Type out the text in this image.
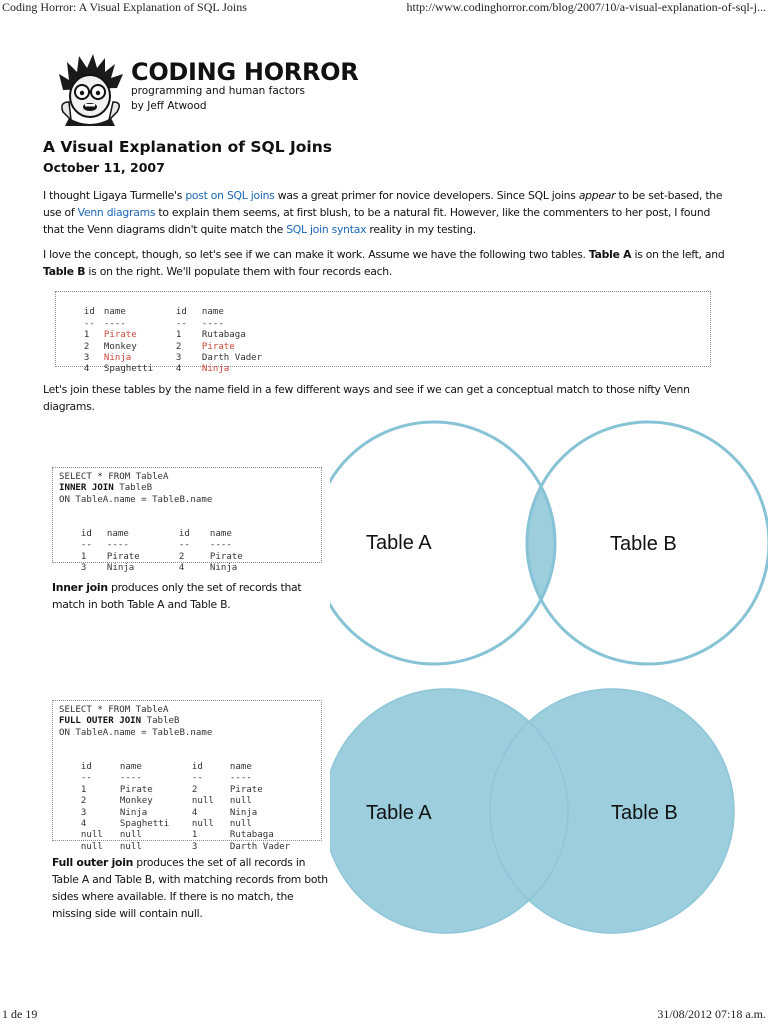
Coding Horror: A Visual Explanation of SQL Joins	http://www.codinghorror.com/blog/2007/10/a-visual-explanation-of-sql-j...
CODING HORROR
programming and human factors
by Jeff Atwood
A Visual Explanation of SQL Joins
October 11, 2007
I thought Ligaya Turmelle's post on SQL joins was a great primer for novice developers. Since SQL joins appear to be set-based, the use of Venn diagrams to explain them seems, at first blush, to be a natural fit. However, like the commenters to her post, I found that the Venn diagrams didn't quite match the SQL join syntax reality in my testing.
I love the concept, though, so let's see if we can make it work. Assume we have the following two tables. Table A is on the left, and Table B is on the right. We'll populate them with four records each.

id name	id name

-- ----	-- ----

1 Pirate	1 Rutabaga

2 Monkey	2 Pirate

3 Ninja	3 Darth Vader

4 Spaghetti 4 Ninja

Let's join these tables by the name field in a few different ways and see if we can get a conceptual match to those nifty Venn diagrams.
SELECT * FROM TableA
INNER JOIN TableB
ON TableA.name = TableB.name

id name	id name

-- ----	-- ----

1 Pirate	2	Pirate

3 Ninja	4	Ninja

Inner join produces only the set of records that match in both Table A and Table B.
Table A	Table B
SELECT * FROM TableA
FULL OUTER JOIN TableB
ON TableA.name = TableB.name

id	name	id	name

--	----	--	----

1	Pirate	2	Pirate

2	Monkey	null null

3	Ninja	4	Ninja

4	Spaghetti null null

null null	1	Rutabaga

null null	3	Darth Vader

Full outer join produces the set of all records in Table A and Table B, with matching records from both sides where available. If there is no match, the missing side will contain null.
Table A	Table B
1 de 19	31/08/2012 07:18 a.m.
